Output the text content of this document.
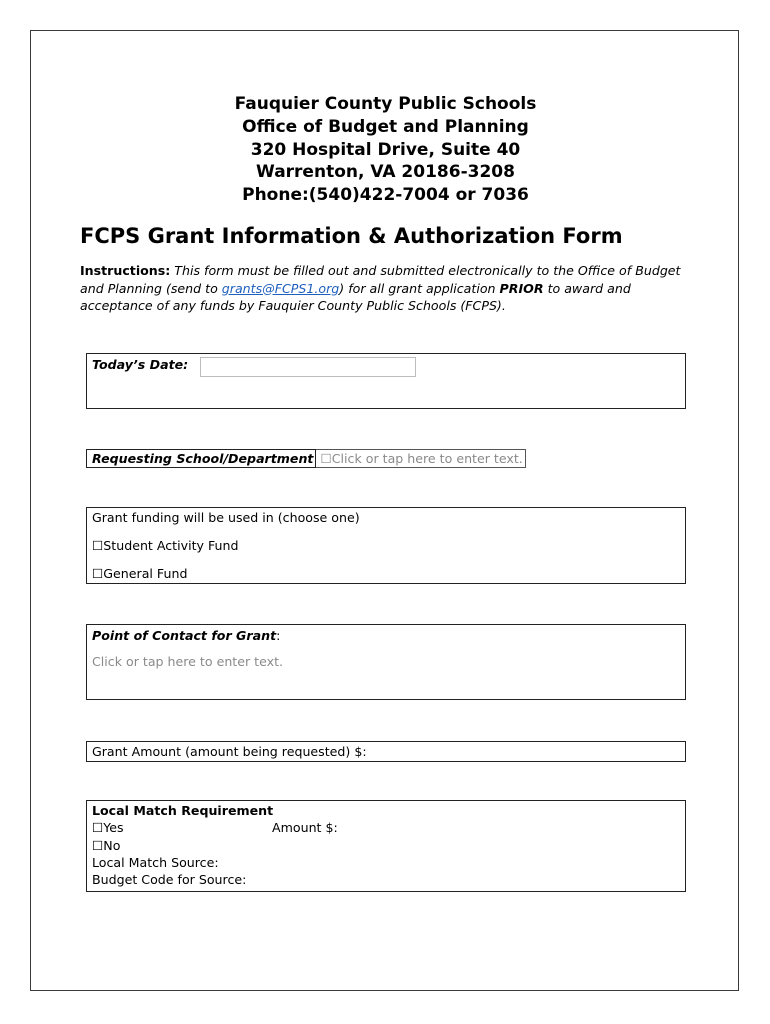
Fauquier County Public Schools
Office of Budget and Planning
320 Hospital Drive, Suite 40
Warrenton, VA 20186-3208
Phone:(540)422-7004 or 7036
FCPS Grant Information & Authorization Form
Instructions: This form must be filled out and submitted electronically to the Office of Budget and Planning (send to grants@FCPS1.org) for all grant application PRIOR to award and acceptance of any funds by Fauquier County Public Schools (FCPS).
Today’s Date:
Requesting School/Department ☐Click or tap here to enter text.
Grant funding will be used in (choose one)
☐Student Activity Fund
☐General Fund
Point of Contact for Grant:
Click or tap here to enter text.
Grant Amount (amount being requested) $:
Local Match Requirement
☐Yes
☐No
Local Match Source:
Budget Code for Source:
Amount $:
